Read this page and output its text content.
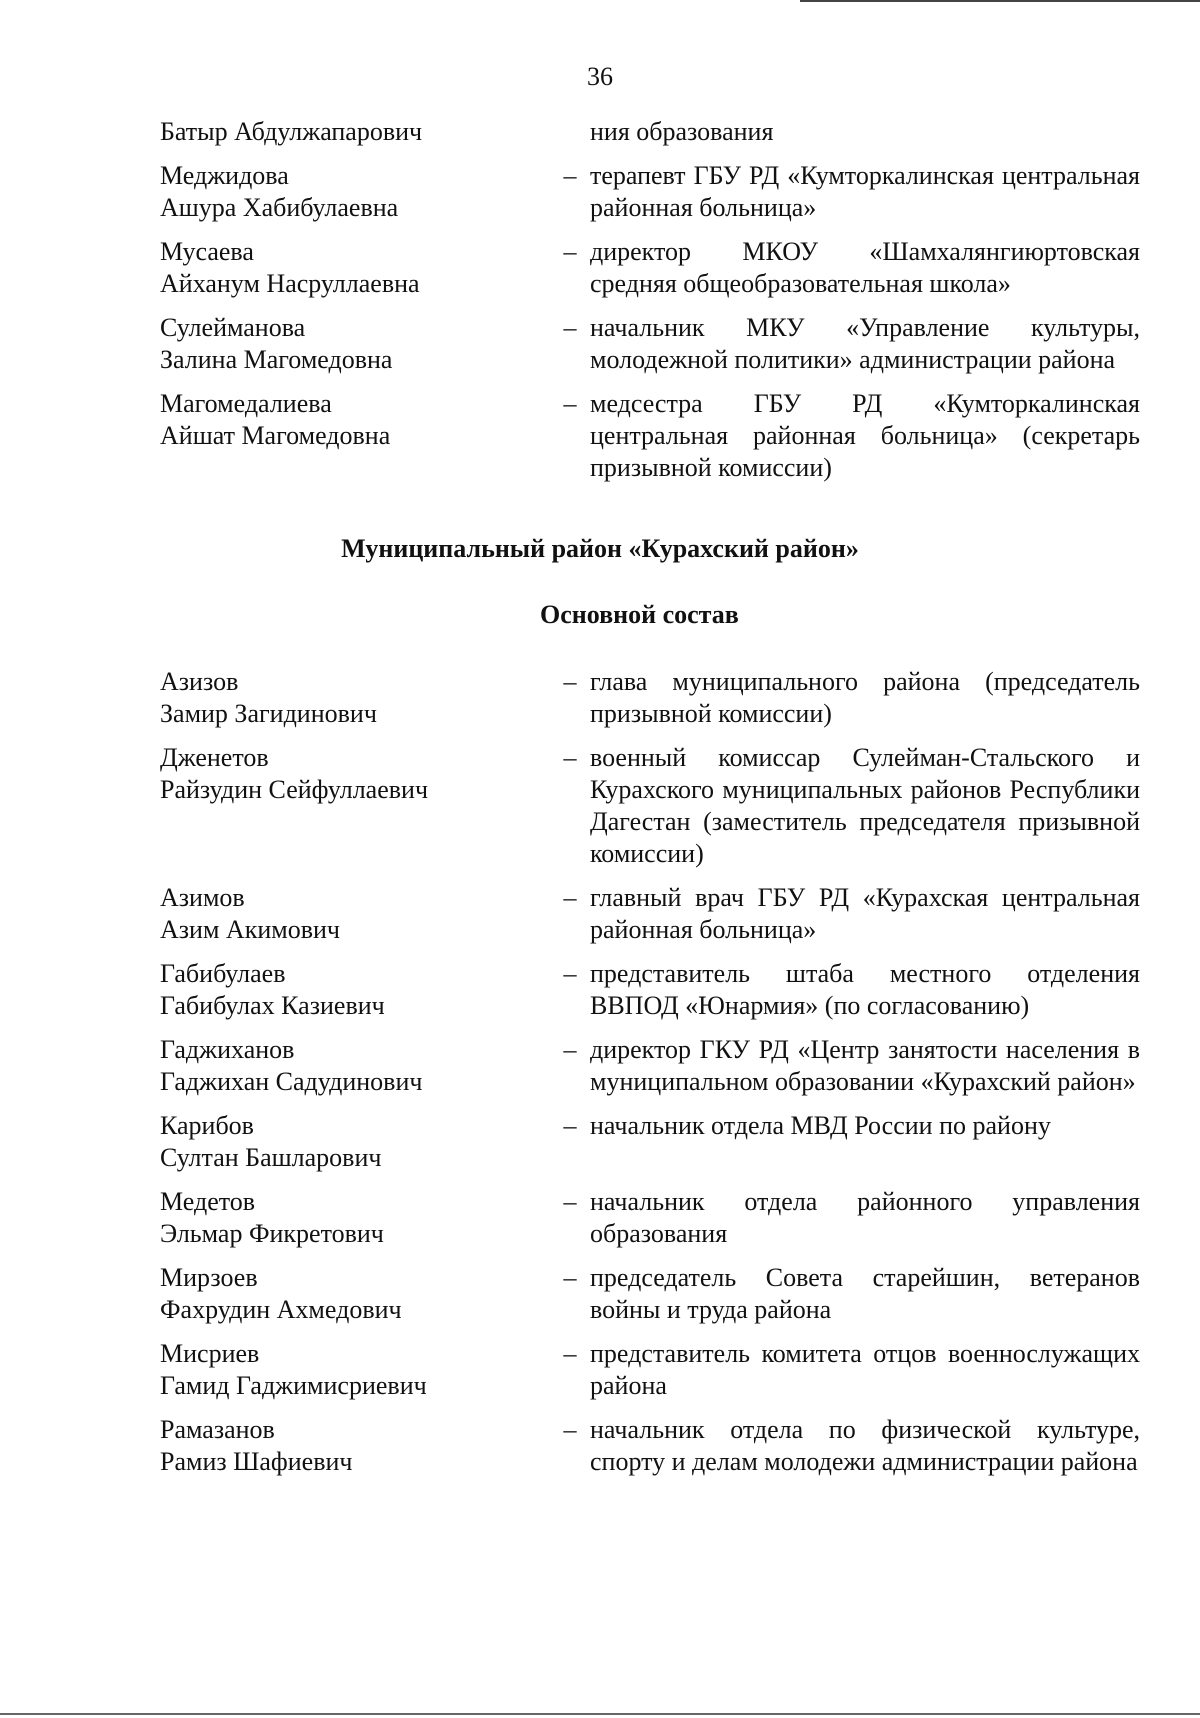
36
Батыр Абдулжапарович	ния образования
Меджидова
Ашура Хабибулаевна
– терапевт ГБУ РД «Кумторкалинская центральная районная больница»
Мусаева
Айханум Насруллаевна
– директор МКОУ «Шамхалянгиюртовская средняя общеобразовательная школа»
Сулейманова
Залина Магомедовна
– начальник МКУ «Управление культуры, молодежной политики» администрации района
Магомедалиева
Айшат Магомедовна
– медсестра ГБУ РД «Кумторкалинская центральная районная больница» (секретарь призывной комиссии)
Муниципальный район «Курахский район»
Основной состав
Азизов
Замир Загидинович
– глава муниципального района (председатель призывной комиссии)
Дженетов
Райзудин Сейфуллаевич
– военный комиссар Сулейман-Стальского и Курахского муниципальных районов Республики Дагестан (заместитель председателя призывной комиссии)
Азимов
Азим Акимович
– главный врач ГБУ РД «Курахская центральная районная больница»
Габибулаев
Габибулах Казиевич
– представитель штаба местного отделения ВВПОД «Юнармия» (по согласованию)
Гаджиханов
Гаджихан Садудинович
– директор ГКУ РД «Центр занятости населения в муниципальном образовании «Курахский район»
Карибов
Султан Башларович
– начальник отдела МВД России по району
Медетов
Эльмар Фикретович
– начальник отдела районного управления образования
Мирзоев
Фахрудин Ахмедович
– председатель Совета старейшин, ветеранов войны и труда района
Мисриев
Гамид Гаджимисриевич
– представитель комитета отцов военнослужащих района
Рамазанов
Рамиз Шафиевич
– начальник отдела по физической культуре, спорту и делам молодежи администрации района
